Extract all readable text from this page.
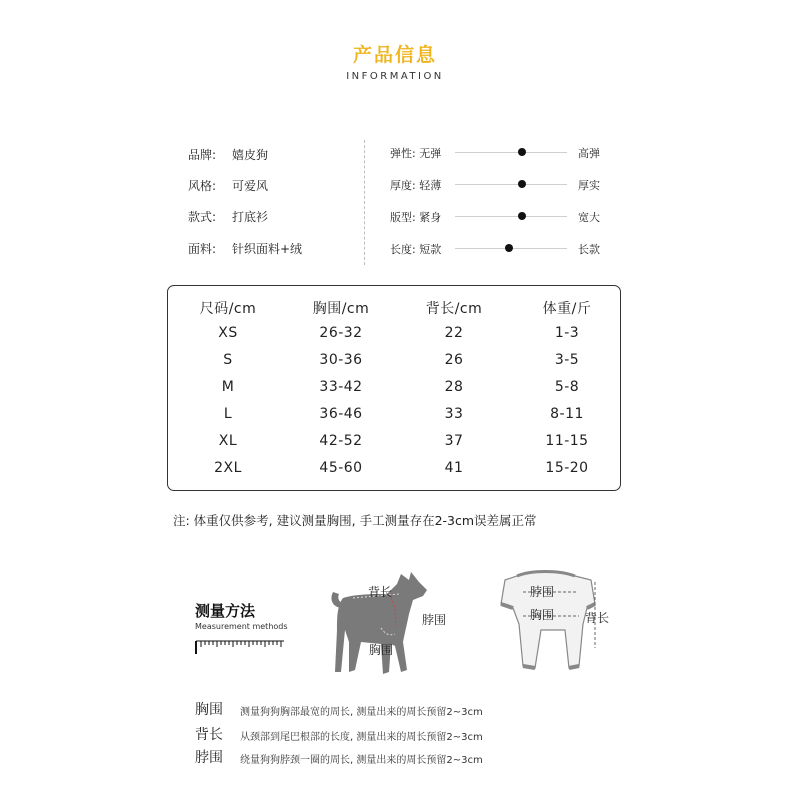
产品信息
INFORMATION
品牌: 嬉皮狗
风格: 可爱风
款式: 打底衫
面料: 针织面料+绒
弹性: 无弹	高弹
厚度: 轻薄	厚实
版型: 紧身	宽大
长度: 短款	长款
尺码/cm	胸围/cm	背长/cm	体重/斤
XS	26-32	22	1-3
S	30-36	26	3-5
M	33-42	28	5-8
L	36-46	33	8-11
XL	42-52	37	11-15
2XL	45-60	41	15-20
注: 体重仅供参考, 建议测量胸围, 手工测量存在2-3cm误差属正常
测量方法
Measurement methods
背长
脖围
胸围
脖围
胸围	背长
胸围 测量狗狗胸部最宽的周长, 测量出来的周长预留2~3cm
背长 从颈部到尾巴根部的长度, 测量出来的周长预留2~3cm
脖围 绕量狗狗脖颈一圈的周长, 测量出来的周长预留2~3cm
